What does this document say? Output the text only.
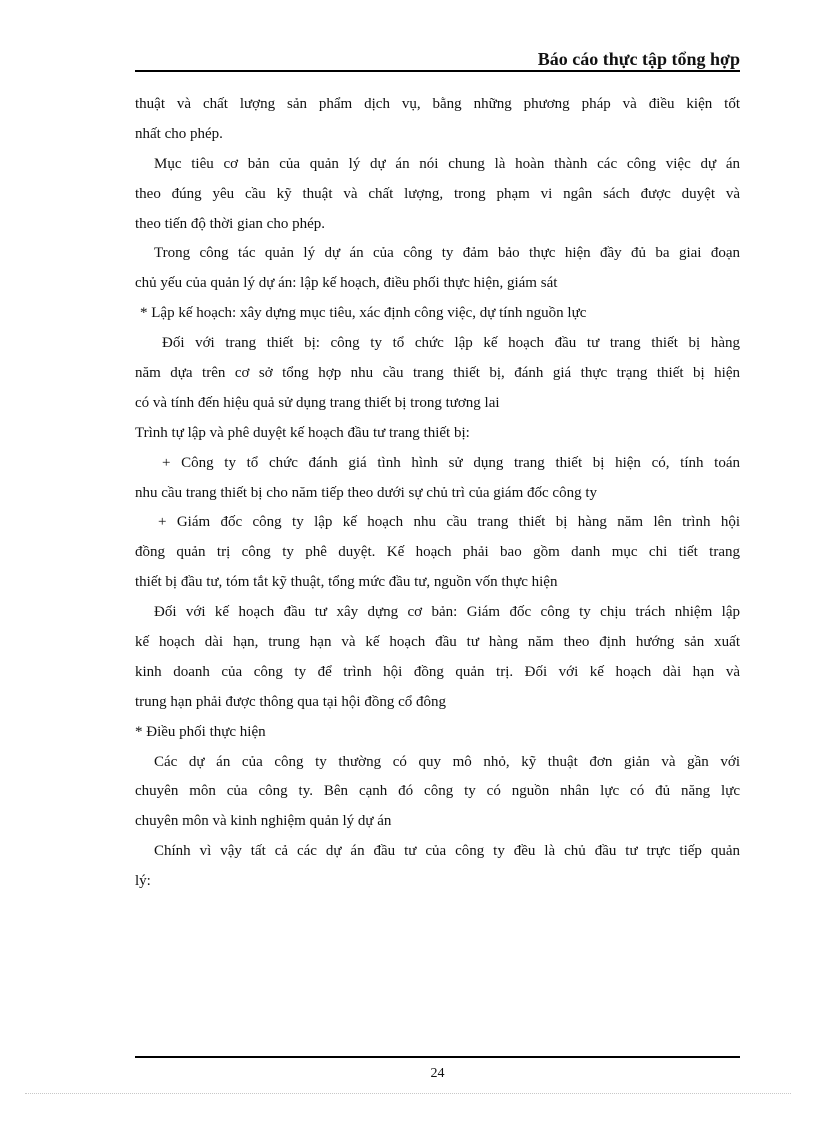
Báo cáo thực tập tổng hợp
thuật và chất lượng sản phẩm dịch vụ, bằng những phương pháp và điều kiện tốt
nhất cho phép.
Mục tiêu cơ bản của quản lý dự án nói chung là hoàn thành các công việc dự án
theo đúng yêu cầu kỹ thuật và chất lượng, trong phạm vi ngân sách được duyệt và
theo tiến độ thời gian cho phép.
Trong công tác quản lý dự án của công ty đảm bảo thực hiện đầy đủ ba giai đoạn
chủ yếu của quản lý dự án: lập kế hoạch, điều phối thực hiện, giám sát
* Lập kế hoạch: xây dựng mục tiêu, xác định công việc, dự tính nguồn lực
Đối với trang thiết bị: công ty tổ chức lập kế hoạch đầu tư trang thiết bị hàng
năm dựa trên cơ sở tổng hợp nhu cầu trang thiết bị, đánh giá thực trạng thiết bị hiện
có và tính đến hiệu quả sử dụng trang thiết bị trong tương lai
Trình tự lập và phê duyệt kế hoạch đầu tư trang thiết bị:
+ Công ty tổ chức đánh giá tình hình sử dụng trang thiết bị hiện có, tính toán
nhu cầu trang thiết bị cho năm tiếp theo dưới sự chủ trì của giám đốc công ty
+ Giám đốc công ty lập kế hoạch nhu cầu trang thiết bị hàng năm lên trình hội
đồng quản trị công ty phê duyệt. Kế hoạch phải bao gồm danh mục chi tiết trang
thiết bị đầu tư, tóm tắt kỹ thuật, tổng mức đầu tư, nguồn vốn thực hiện
Đối với kế hoạch đầu tư xây dựng cơ bản: Giám đốc công ty chịu trách nhiệm lập
kế hoạch dài hạn, trung hạn và kế hoạch đầu tư hàng năm theo định hướng sản xuất
kinh doanh của công ty để trình hội đồng quản trị. Đối với kế hoạch dài hạn và
trung hạn phải được thông qua tại hội đồng cổ đông
* Điều phối thực hiện
Các dự án của công ty thường có quy mô nhỏ, kỹ thuật đơn giản và gần với
chuyên môn của công ty. Bên cạnh đó công ty có nguồn nhân lực có đủ năng lực
chuyên môn và kinh nghiệm quản lý dự án
Chính vì vậy tất cả các dự án đầu tư của công ty đều là chủ đầu tư trực tiếp quản
lý:
24
